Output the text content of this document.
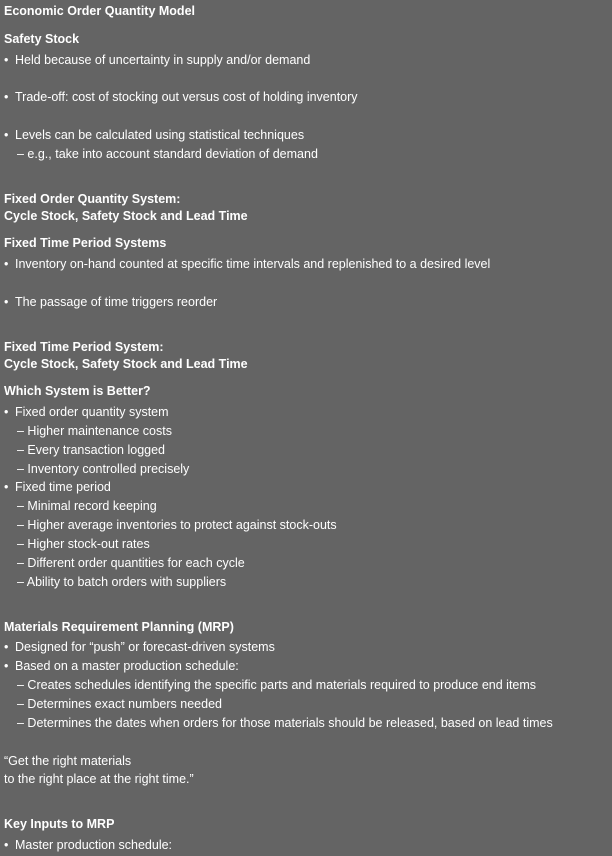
Economic Order Quantity Model
Safety Stock
• Held because of uncertainty in supply and/or demand
• Trade-off: cost of stocking out versus cost of holding inventory
• Levels can be calculated using statistical techniques
– e.g., take into account standard deviation of demand
Fixed Order Quantity System:
Cycle Stock, Safety Stock and Lead Time
Fixed Time Period Systems
• Inventory on-hand counted at specific time intervals and replenished to a desired level
• The passage of time triggers reorder
Fixed Time Period System:
Cycle Stock, Safety Stock and Lead Time
Which System is Better?
• Fixed order quantity system
– Higher maintenance costs
– Every transaction logged
– Inventory controlled precisely
• Fixed time period
– Minimal record keeping
– Higher average inventories to protect against stock-outs
– Higher stock-out rates
– Different order quantities for each cycle
– Ability to batch orders with suppliers
Materials Requirement Planning (MRP)
• Designed for “push” or forecast-driven systems
• Based on a master production schedule:
– Creates schedules identifying the specific parts and materials required to produce end items
– Determines exact numbers needed
– Determines the dates when orders for those materials should be released, based on lead times
“Get the right materials
to the right place at the right time.”
Key Inputs to MRP
• Master production schedule:
